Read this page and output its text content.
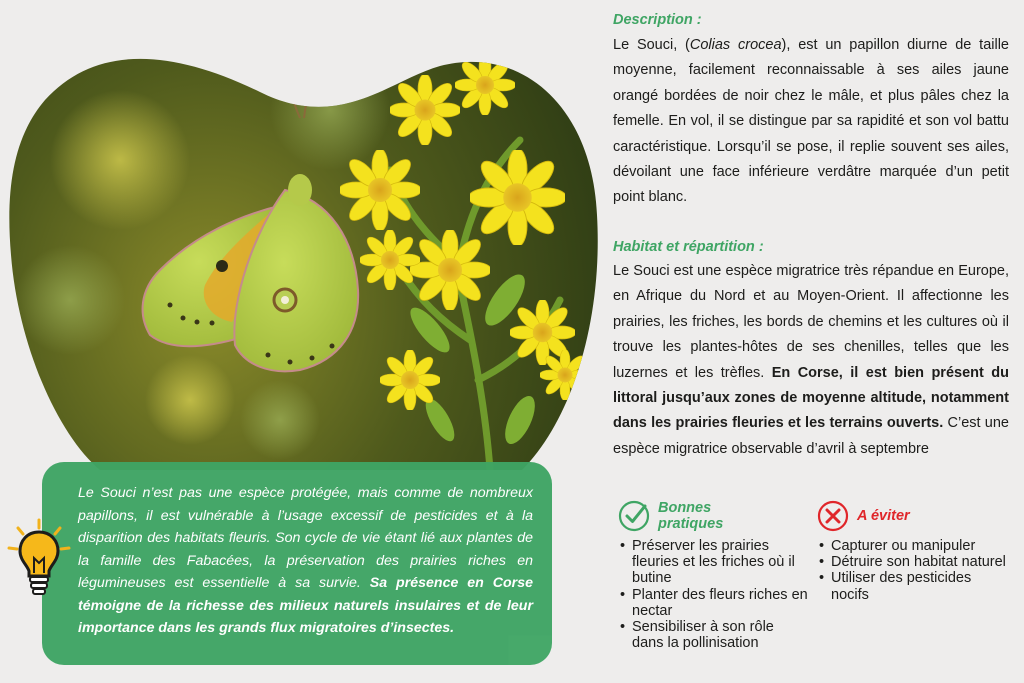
Le Souci n’est pas une espèce protégée, mais comme de nombreux papillons, il est vulnérable à l’usage excessif de pesticides et à la disparition des habitats fleuris. Son cycle de vie étant lié aux plantes de la famille des Fabacées, la préservation des prairies riches en légumineuses est essentielle à sa survie. Sa présence en Corse témoigne de la richesse des milieux naturels insulaires et de leur importance dans les grands flux migratoires d’insectes.

Description :

Le Souci, (Colias crocea), est un papillon diurne de taille moyenne, facilement reconnaissable à ses ailes jaune orangé bordées de noir chez le mâle, et plus pâles chez la femelle. En vol, il se distingue par sa rapidité et son vol battu caractéristique. Lorsqu’il se pose, il replie souvent ses ailes, dévoilant une face inférieure verdâtre marquée d’un petit point blanc.

Habitat et répartition :

Le Souci est une espèce migratrice très répandue en Europe, en Afrique du Nord et au Moyen-Orient. Il affectionne les prairies, les friches, les bords de chemins et les cultures où il trouve les plantes-hôtes de ses chenilles, telles que les luzernes et les trèfles. En Corse, il est bien présent du littoral jusqu’aux zones de moyenne altitude, notamment dans les prairies fleuries et les terrains ouverts. C’est une espèce migratrice observable d’avril à septembre

Bonnes
pratiques
• Préserver les prairies fleuries et les friches où il butine
• Planter des fleurs riches en nectar
• Sensibiliser à son rôle dans la pollinisation
A éviter
• Capturer ou manipuler
• Détruire son habitat naturel
• Utiliser des pesticides nocifs
